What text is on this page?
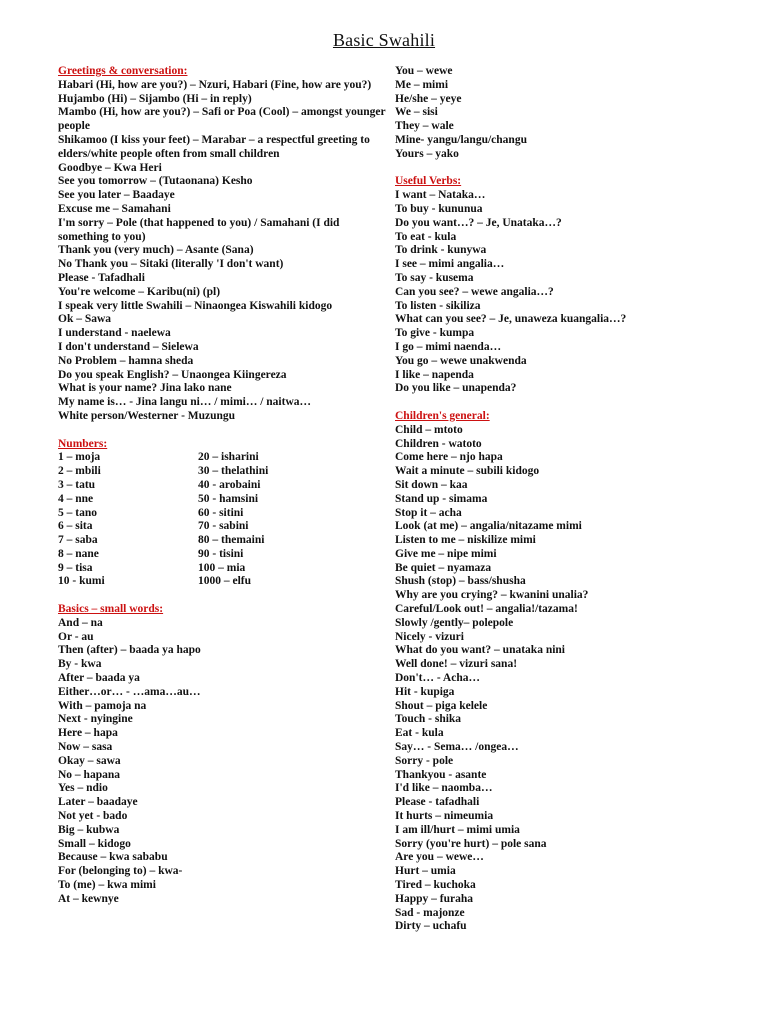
Basic Swahili
Greetings & conversation:
Habari (Hi, how are you?) – Nzuri, Habari (Fine, how are you?)
Hujambo (Hi) – Sijambo (Hi – in reply)
Mambo (Hi, how are you?) – Safi or Poa (Cool) – amongst younger people
Shikamoo (I kiss your feet) – Marabar – a respectful greeting to elders/white people often from small children
Goodbye – Kwa Heri
See you tomorrow – (Tutaonana) Kesho
See you later – Baadaye
Excuse me – Samahani
I'm sorry – Pole (that happened to you) / Samahani (I did something to you)
Thank you (very much) – Asante (Sana)
No Thank you – Sitaki (literally 'I don't want)
Please - Tafadhali
You're welcome – Karibu(ni) (pl)
I speak very little Swahili – Ninaongea Kiswahili kidogo
Ok – Sawa
I understand - naelewa
I don't understand – Sielewa
No Problem – hamna sheda
Do you speak English? – Unaongea Kiingereza
What is your name? Jina lako nane
My name is… - Jina langu ni… / mimi… / naitwa…
White person/Westerner - Muzungu
Numbers:
1 – moja	20 – isharini
2 – mbili	30 – thelathini
3 – tatu	40 - arobaini
4 – nne	50 - hamsini
5 – tano	60 - sitini
6 – sita	70 - sabini
7 – saba	80 – themaini
8 – nane	90 - tisini
9 – tisa	100 – mia
10 - kumi	1000 – elfu
Basics – small words:
And – na
Or - au
Then (after) – baada ya hapo
By - kwa
After – baada ya
Either…or… - …ama…au…
With – pamoja na
Next - nyingine
Here – hapa
Now – sasa
Okay – sawa
No – hapana
Yes – ndio
Later – baadaye
Not yet - bado
Big – kubwa
Small – kidogo
Because – kwa sababu
For (belonging to) – kwa-
To (me) – kwa mimi
At – kewnye
You – wewe
Me – mimi
He/she – yeye
We – sisi
They – wale
Mine- yangu/langu/changu
Yours – yako
Useful Verbs:
I want – Nataka…
To buy - kununua
Do you want…? – Je, Unataka…?
To eat - kula
To drink - kunywa
I see – mimi angalia…
To say - kusema
Can you see? – wewe angalia…?
To listen - sikiliza
What can you see? – Je, unaweza kuangalia…?
To give - kumpa
I go – mimi naenda…
You go – wewe unakwenda
I like – napenda
Do you like – unapenda?
Children's general:
Child – mtoto
Children - watoto
Come here – njo hapa
Wait a minute – subili kidogo
Sit down – kaa
Stand up - simama
Stop it – acha
Look (at me) – angalia/nitazame mimi
Listen to me – niskilize mimi
Give me – nipe mimi
Be quiet – nyamaza
Shush (stop) – bass/shusha
Why are you crying? – kwanini unalia?
Careful/Look out! – angalia!/tazama!
Slowly /gently– polepole
Nicely - vizuri
What do you want? – unataka nini
Well done! – vizuri sana!
Don't… - Acha…
Hit - kupiga
Shout – piga kelele
Touch - shika
Eat - kula
Say… - Sema… /ongea…
Sorry - pole
Thankyou - asante
I'd like – naomba…
Please - tafadhali
It hurts – nimeumia
I am ill/hurt – mimi umia
Sorry (you're hurt) – pole sana
Are you – wewe…
Hurt – umia
Tired – kuchoka
Happy – furaha
Sad - majonze
Dirty – uchafu
